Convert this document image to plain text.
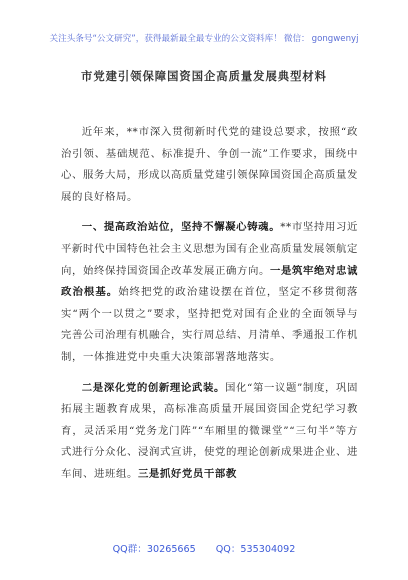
关注头条号“公文研究”，获得最新最全最专业的公文资料库！ 微信： gongwenyj
市党建引领保障国资国企高质量发展典型材料

近年来，**市深入贯彻新时代党的建设总要求，按照“政治引领、基础规范、标准提升、争创一流”工作要求，围绕中心、服务大局，形成以高质量党建引领保障国资国企高质量发展的良好格局。

一、提高政治站位，坚持不懈凝心铸魂。**市坚持用习近平新时代中国特色社会主义思想为国有企业高质量发展领航定向，始终保持国资国企改革发展正确方向。一是筑牢绝对忠诚政治根基。始终把党的政治建设摆在首位，坚定不移贯彻落实“两个一以贯之”要求，坚持把党对国有企业的全面领导与完善公司治理有机融合，实行周总结、月清单、季通报工作机制，一体推进党中央重大决策部署落地落实。

二是深化党的创新理论武装。国化“第一议题”制度，巩固拓展主题教育成果，高标准高质量开展国资国企党纪学习教育，灵活采用“党务龙门阵”“车厢里的微课堂”“三句半”等方式进行分众化、浸润式宣讲，使党的理论创新成果进企业、进车间、进班组。三是抓好党员干部教

QQ群：30265665 QQ：535304092
